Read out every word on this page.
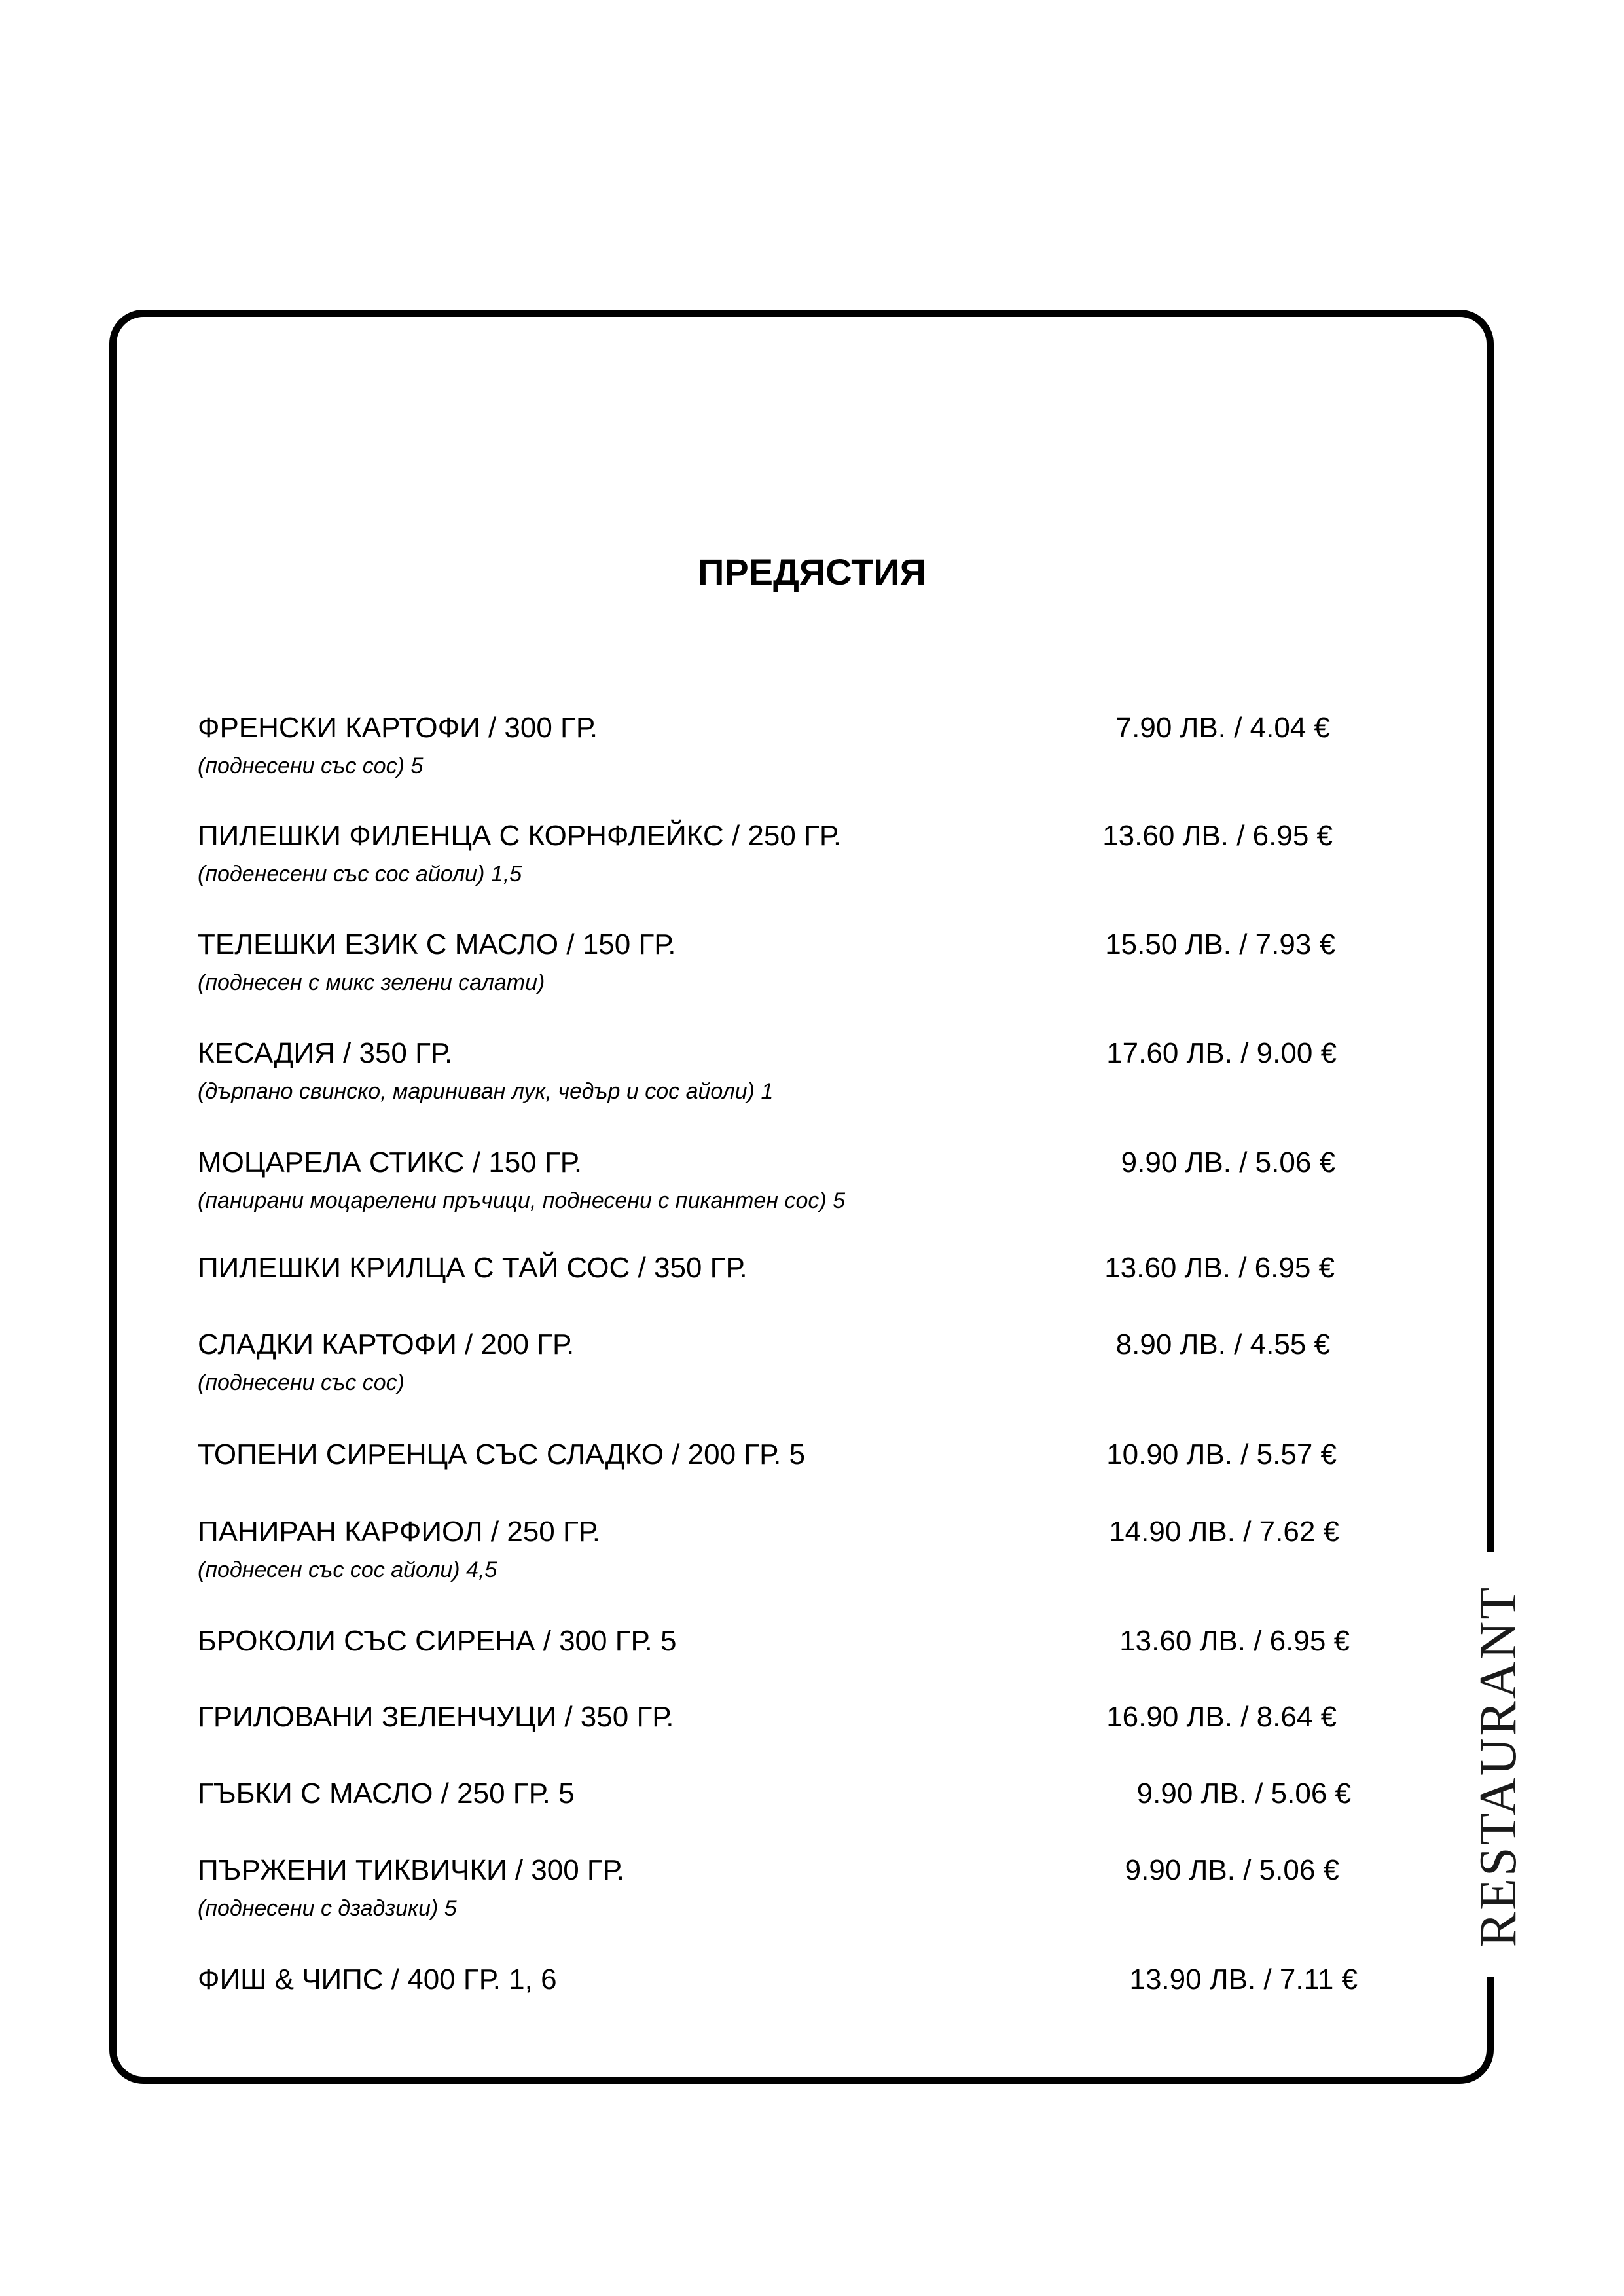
RESTAURANT
ПРЕДЯСТИЯ
ФРЕНСКИ КАРТОФИ / 300 ГР.	7.90 ЛВ. / 4.04 €
(поднесени със сос) 5
ПИЛЕШКИ ФИЛЕНЦА С КОРНФЛЕЙКС / 250 ГР.	13.60 ЛВ. / 6.95 €
(поденесени със сос айоли) 1,5
ТЕЛЕШКИ ЕЗИК С МАСЛО / 150 ГР.	15.50 ЛВ. / 7.93 €
(поднесен с микс зелени салати)
КЕСАДИЯ / 350 ГР.	17.60 ЛВ. / 9.00 €
(дърпано свинско, мариниван лук, чедър и сос айоли) 1
МОЦАРЕЛА СТИКС / 150 ГР.	9.90 ЛВ. / 5.06 €
(панирани моцарелени пръчици, поднесени с пикантен сос) 5
ПИЛЕШКИ КРИЛЦА С ТАЙ СОС / 350 ГР.	13.60 ЛВ. / 6.95 €
СЛАДКИ КАРТОФИ / 200 ГР.	8.90 ЛВ. / 4.55 €
(поднесени със сос)
ТОПЕНИ СИРЕНЦА СЪС СЛАДКО / 200 ГР. 5	10.90 ЛВ. / 5.57 €
ПАНИРАН КАРФИОЛ / 250 ГР.	14.90 ЛВ. / 7.62 €
(поднесен със сос айоли) 4,5
БРОКОЛИ СЪС СИРЕНА / 300 ГР. 5	13.60 ЛВ. / 6.95 €
ГРИЛОВАНИ ЗЕЛЕНЧУЦИ / 350 ГР.	16.90 ЛВ. / 8.64 €
ГЪБКИ С МАСЛО / 250 ГР. 5	9.90 ЛВ. / 5.06 €
ПЪРЖЕНИ ТИКВИЧКИ / 300 ГР.	9.90 ЛВ. / 5.06 €
(поднесени с дзадзики) 5
ФИШ & ЧИПС / 400 ГР. 1, 6	13.90 ЛВ. / 7.11 €
